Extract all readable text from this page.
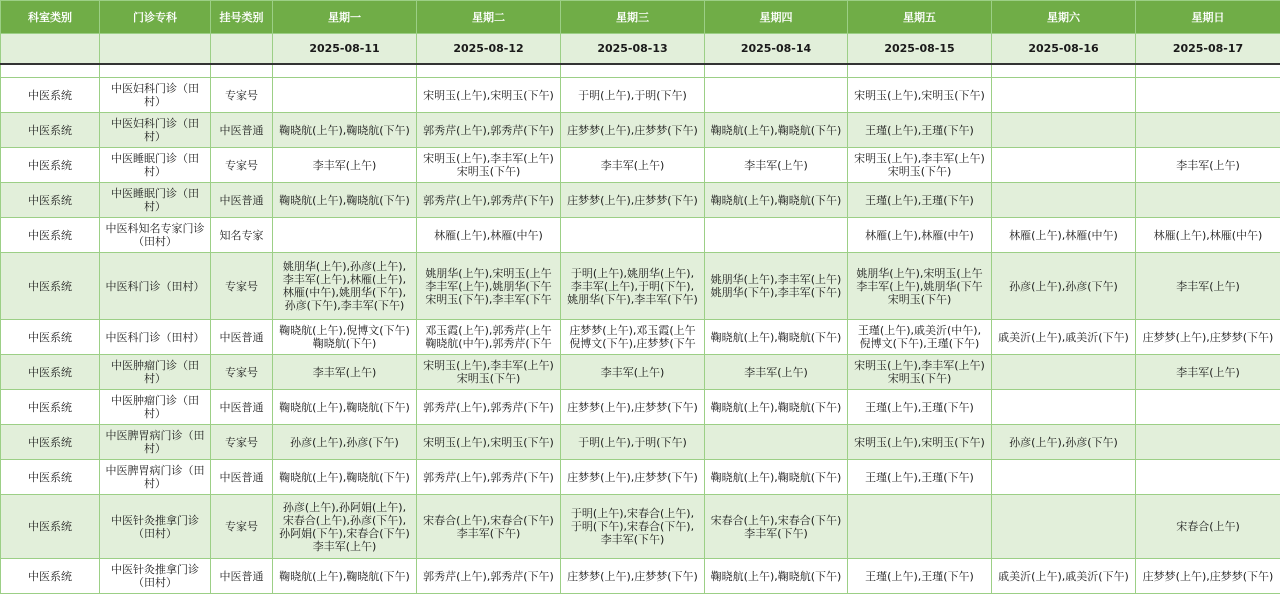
科室类别	门诊专科	挂号类别	星期一	星期二	星期三	星期四	星期五	星期六	星期日
			2025-08-11	2025-08-12	2025-08-13	2025-08-14	2025-08-15	2025-08-16	2025-08-17

中医系统	中医妇科门诊（田
村）	专家号		宋明玉(上午),宋明玉(下午)	于明(上午),于明(下午)		宋明玉(上午),宋明玉(下午)		
中医系统	中医妇科门诊（田
村）	中医普通	鞠晓航(上午),鞠晓航(下午)	郭秀芹(上午),郭秀芹(下午)	庄梦梦(上午),庄梦梦(下午)	鞠晓航(上午),鞠晓航(下午)	王瑾(上午),王瑾(下午)		
中医系统	中医睡眠门诊（田
村）	专家号	李丰军(上午)	宋明玉(上午),李丰军(上午)
宋明玉(下午)	李丰军(上午)	李丰军(上午)	宋明玉(上午),李丰军(上午)
宋明玉(下午)		李丰军(上午)
中医系统	中医睡眠门诊（田
村）	中医普通	鞠晓航(上午),鞠晓航(下午)	郭秀芹(上午),郭秀芹(下午)	庄梦梦(上午),庄梦梦(下午)	鞠晓航(上午),鞠晓航(下午)	王瑾(上午),王瑾(下午)		
中医系统	中医科知名专家门诊
（田村）	知名专家		林雁(上午),林雁(中午)			林雁(上午),林雁(中午)	林雁(上午),林雁(中午)	林雁(上午),林雁(中午)
中医系统	中医科门诊（田村）	专家号	姚朋华(上午),孙彦(上午),
李丰军(上午),林雁(上午),
林雁(中午),姚朋华(下午),
孙彦(下午),李丰军(下午)	姚朋华(上午),宋明玉(上午
李丰军(上午),姚朋华(下午
宋明玉(下午),李丰军(下午	于明(上午),姚朋华(上午),
李丰军(上午),于明(下午),
姚朋华(下午),李丰军(下午)	姚朋华(上午),李丰军(上午)
姚朋华(下午),李丰军(下午)	姚朋华(上午),宋明玉(上午
李丰军(上午),姚朋华(下午
宋明玉(下午)	孙彦(上午),孙彦(下午)	李丰军(上午)
中医系统	中医科门诊（田村）	中医普通	鞠晓航(上午),倪博文(下午)
鞠晓航(下午)	邓玉霞(上午),郭秀芹(上午
鞠晓航(中午),郭秀芹(下午	庄梦梦(上午),邓玉霞(上午
倪博文(下午),庄梦梦(下午	鞠晓航(上午),鞠晓航(下午)	王瑾(上午),戚美沂(中午),
倪博文(下午),王瑾(下午)	戚美沂(上午),戚美沂(下午)	庄梦梦(上午),庄梦梦(下午)
中医系统	中医肿瘤门诊（田
村）	专家号	李丰军(上午)	宋明玉(上午),李丰军(上午)
宋明玉(下午)	李丰军(上午)	李丰军(上午)	宋明玉(上午),李丰军(上午)
宋明玉(下午)		李丰军(上午)
中医系统	中医肿瘤门诊（田
村）	中医普通	鞠晓航(上午),鞠晓航(下午)	郭秀芹(上午),郭秀芹(下午)	庄梦梦(上午),庄梦梦(下午)	鞠晓航(上午),鞠晓航(下午)	王瑾(上午),王瑾(下午)		
中医系统	中医脾胃病门诊（田
村）	专家号	孙彦(上午),孙彦(下午)	宋明玉(上午),宋明玉(下午)	于明(上午),于明(下午)		宋明玉(上午),宋明玉(下午)	孙彦(上午),孙彦(下午)	
中医系统	中医脾胃病门诊（田
村）	中医普通	鞠晓航(上午),鞠晓航(下午)	郭秀芹(上午),郭秀芹(下午)	庄梦梦(上午),庄梦梦(下午)	鞠晓航(上午),鞠晓航(下午)	王瑾(上午),王瑾(下午)		
中医系统	中医针灸推拿门诊
（田村）	专家号	孙彦(上午),孙阿娟(上午),
宋春合(上午),孙彦(下午),
孙阿娟(下午),宋春合(下午)
李丰军(上午)	宋春合(上午),宋春合(下午)
李丰军(下午)	于明(上午),宋春合(上午),
于明(下午),宋春合(下午),
李丰军(下午)	宋春合(上午),宋春合(下午)
李丰军(下午)			宋春合(上午)
中医系统	中医针灸推拿门诊
（田村）	中医普通	鞠晓航(上午),鞠晓航(下午)	郭秀芹(上午),郭秀芹(下午)	庄梦梦(上午),庄梦梦(下午)	鞠晓航(上午),鞠晓航(下午)	王瑾(上午),王瑾(下午)	戚美沂(上午),戚美沂(下午)	庄梦梦(上午),庄梦梦(下午)
